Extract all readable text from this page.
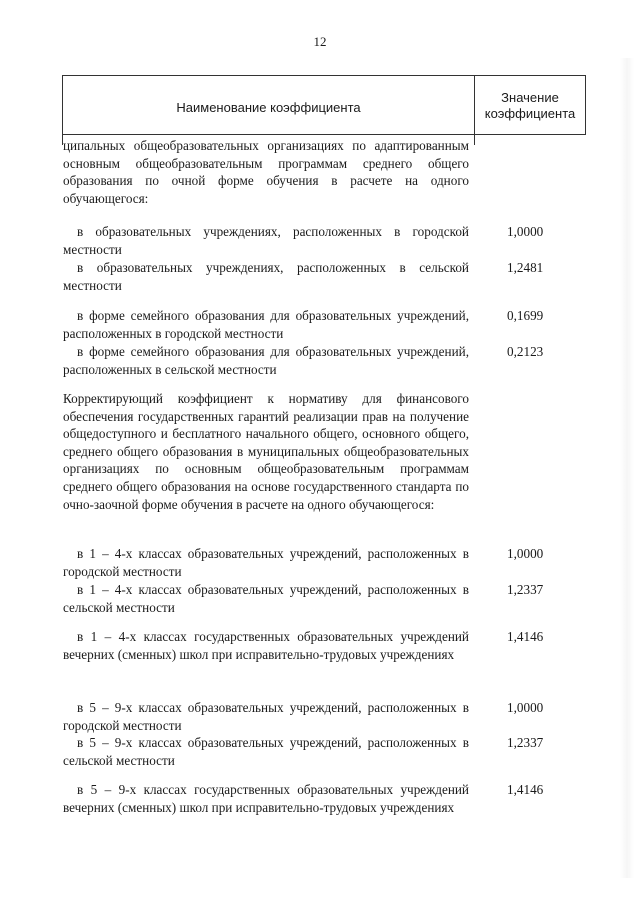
12
Наименование коэффициента
Значение коэффициента
ципальных общеобразовательных организациях по адаптированным основным общеобразовательным программам среднего общего образования по очной форме обучения в расчете на одного обучающегося:
в образовательных учреждениях, расположенных в городской местности
1,0000
в образовательных учреждениях, расположенных в сельской местности
1,2481
в форме семейного образования для образовательных учреждений, расположенных в городской местности
0,1699
в форме семейного образования для образовательных учреждений, расположенных в сельской местности
0,2123
Корректирующий коэффициент к нормативу для финансового обеспечения государственных гарантий реализации прав на получение общедоступного и бесплатного начального общего, основного общего, среднего общего образования в муниципальных общеобразовательных организациях по основным общеобразовательным программам среднего общего образования на основе государственного стандарта по очно-заочной форме обучения в расчете на одного обучающегося:
в 1 – 4-х классах образовательных учреждений, расположенных в городской местности
1,0000
в 1 – 4-х классах образовательных учреждений, расположенных в сельской местности
1,2337
в 1 – 4-х классах государственных образовательных учреждений вечерних (сменных) школ при исправительно-трудовых учреждениях
1,4146
в 5 – 9-х классах образовательных учреждений, расположенных в городской местности
1,0000
в 5 – 9-х классах образовательных учреждений, расположенных в сельской местности
1,2337
в 5 – 9-х классах государственных образовательных учреждений вечерних (сменных) школ при исправительно-трудовых учреждениях
1,4146
